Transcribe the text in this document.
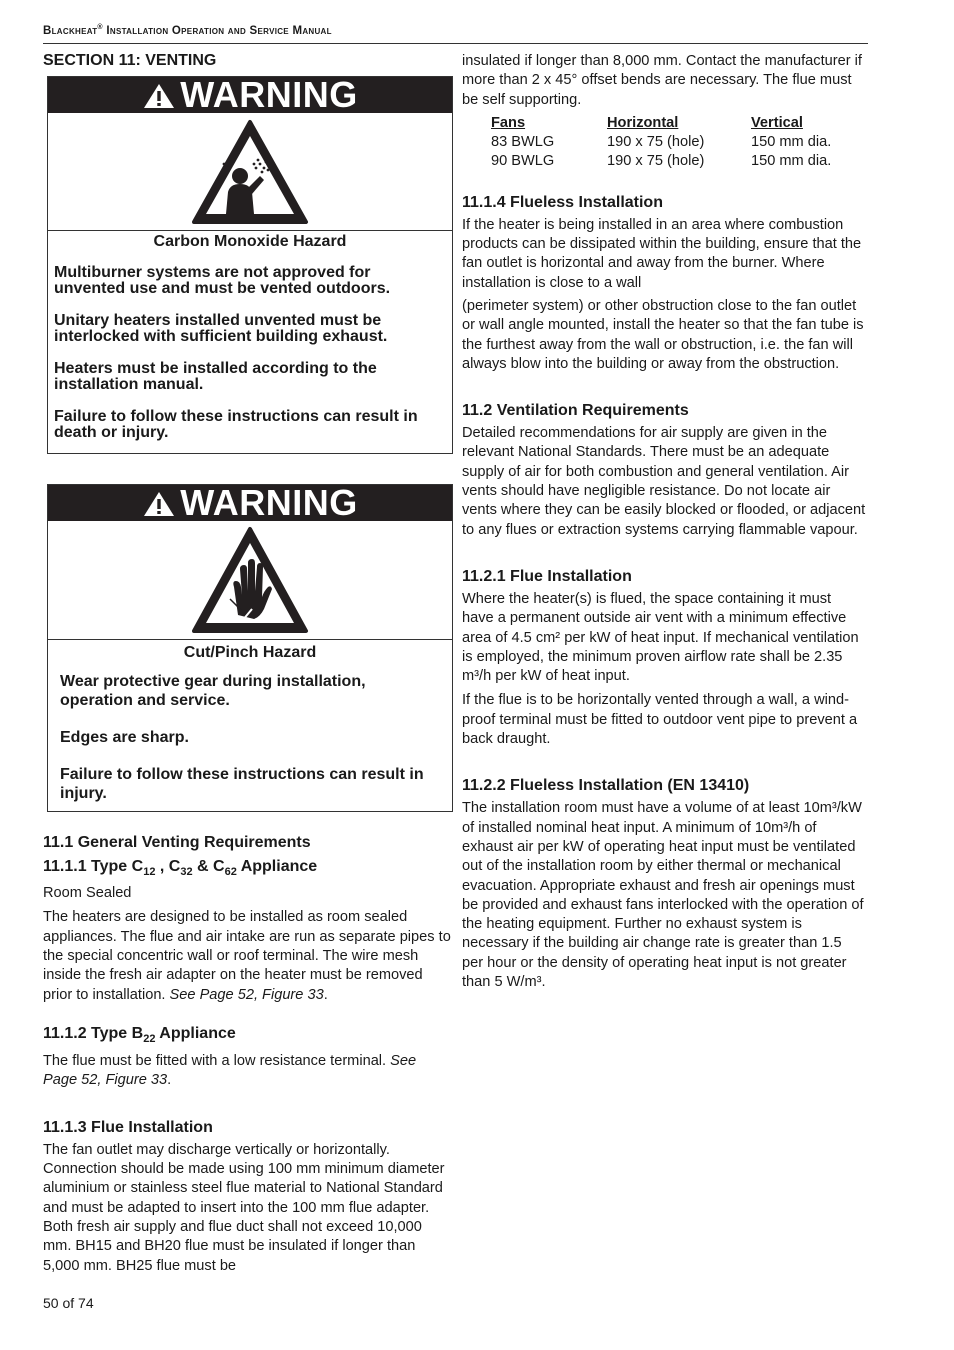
Blackheat® Installation Operation and Service Manual
SECTION 11: VENTING
WARNING
Carbon Monoxide Hazard
Multiburner systems are not approved for unvented use and must be vented outdoors.
Unitary heaters installed unvented must be interlocked with sufficient building exhaust.
Heaters must be installed according to the installation manual.
Failure to follow these instructions can result in death or injury.
WARNING
Cut/Pinch Hazard
Wear protective gear during installation, operation and service.
Edges are sharp.
Failure to follow these instructions can result in injury.
11.1 General Venting Requirements
11.1.1 Type $C_{12}$ , $C_{32}$ & $C_{62}$ Appliance

Room Sealed

The heaters are designed to be installed as room sealed appliances. The flue and air intake are run as separate pipes to the special concentric wall or roof terminal. The wire mesh inside the fresh air adapter on the heater must be removed prior to installation. See Page 52, Figure 33.

11.1.2 Type $B_{22}$ Appliance

The flue must be fitted with a low resistance terminal. See Page 52, Figure 33.

11.1.3 Flue Installation

The fan outlet may discharge vertically or horizontally. Connection should be made using 100 mm minimum diameter aluminium or stainless steel flue material to National Standard and must be adapted to insert into the 100 mm flue adapter. Both fresh air supply and flue duct shall not exceed 10,000 mm. BH15 and BH20 flue must be insulated if longer than 5,000 mm. BH25 flue must be

insulated if longer than 8,000 mm. Contact the manufacturer if more than 2 x 45° offset bends are necessary. The flue must be self supporting.

Fans	Horizontal	Vertical
83 BWLG	190 x 75 (hole)	150 mm dia.
90 BWLG	190 x 75 (hole)	150 mm dia.
11.1.4 Flueless Installation

If the heater is being installed in an area where combustion products can be dissipated within the building, ensure that the fan outlet is horizontal and away from the burner. Where installation is close to a wall

(perimeter system) or other obstruction close to the fan outlet or wall angle mounted, install the heater so that the fan tube is the furthest away from the wall or obstruction, i.e. the fan will always blow into the building or away from the obstruction.

11.2 Ventilation Requirements

Detailed recommendations for air supply are given in the relevant National Standards. There must be an adequate supply of air for both combustion and general ventilation. Air vents should have negligible resistance. Do not locate air vents where they can be easily blocked or flooded, or adjacent to any flues or extraction systems carrying flammable vapour.

11.2.1 Flue Installation

Where the heater(s) is flued, the space containing it must have a permanent outside air vent with a minimum effective area of 4.5 cm² per kW of heat input. If mechanical ventilation is employed, the minimum proven airflow rate shall be 2.35 m³/h per kW of heat input.

If the flue is to be horizontally vented through a wall, a wind-proof terminal must be fitted to outdoor vent pipe to prevent a back draught.

11.2.2 Flueless Installation (EN 13410)

The installation room must have a volume of at least 10m³/kW of installed nominal heat input. A minimum of 10m³/h of exhaust air per kW of operating heat input must be ventilated out of the installation room by either thermal or mechanical evacuation. Appropriate exhaust and fresh air openings must be provided and exhaust fans interlocked with the operation of the heating equipment. Further no exhaust system is necessary if the building air change rate is greater than 1.5 per hour or the density of operating heat input is not greater than 5 W/m³.

50 of 74
